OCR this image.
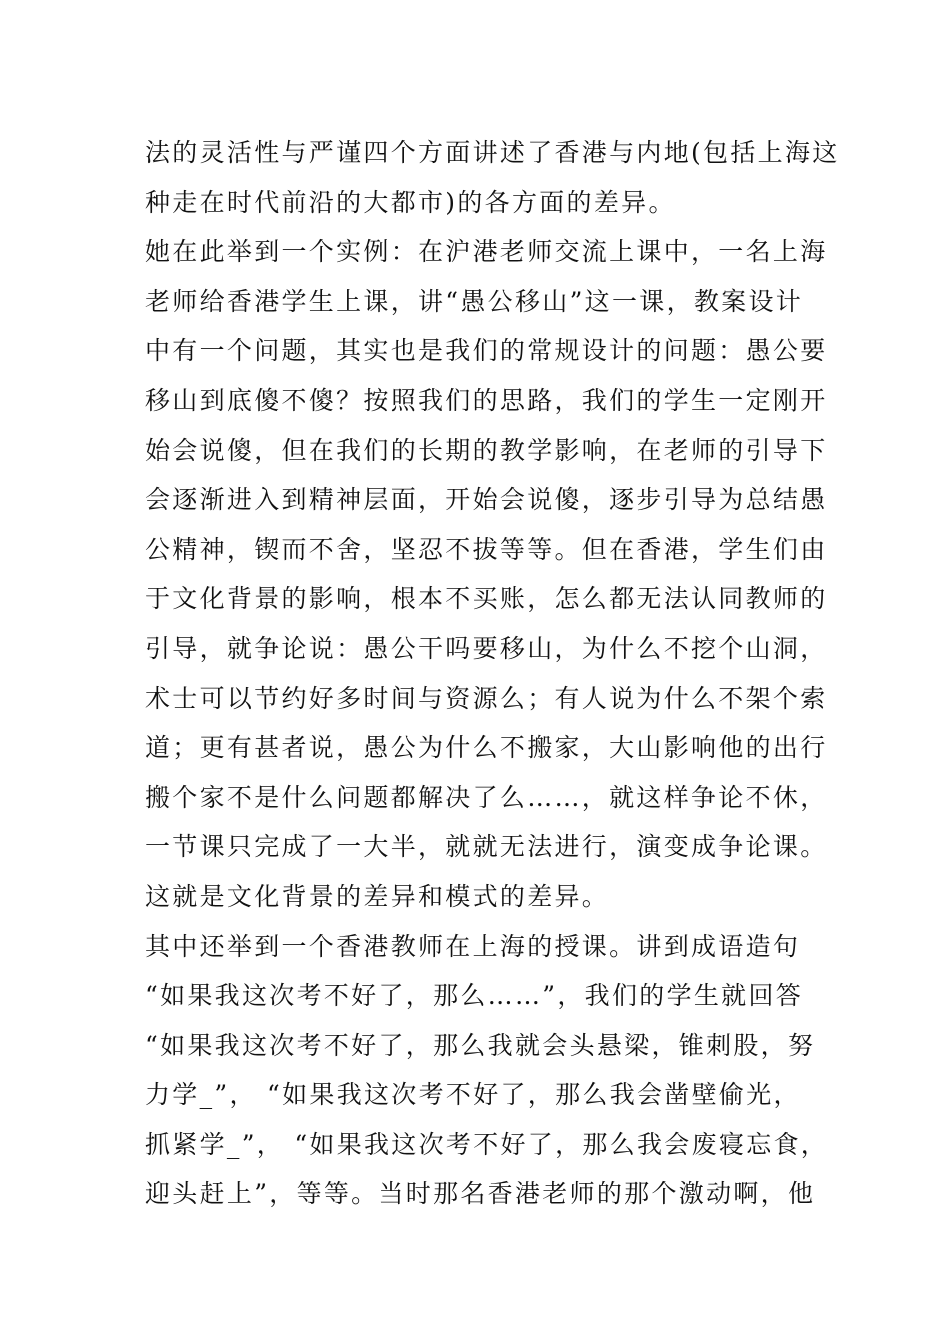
法的灵活性与严谨四个方面讲述了香港与内地(包括上海这
种走在时代前沿的大都市)的各方面的差异。
她在此举到一个实例：在沪港老师交流上课中，一名上海
老师给香港学生上课，讲“愚公移山”这一课，教案设计
中有一个问题，其实也是我们的常规设计的问题：愚公要
移山到底傻不傻？按照我们的思路，我们的学生一定刚开
始会说傻，但在我们的长期的教学影响，在老师的引导下
会逐渐进入到精神层面，开始会说傻，逐步引导为总结愚
公精神，锲而不舍，坚忍不拔等等。但在香港，学生们由
于文化背景的影响，根本不买账，怎么都无法认同教师的
引导，就争论说：愚公干吗要移山，为什么不挖个山洞，
术士可以节约好多时间与资源么；有人说为什么不架个索
道；更有甚者说，愚公为什么不搬家，大山影响他的出行
搬个家不是什么问题都解决了么……，就这样争论不休，
一节课只完成了一大半，就就无法进行，演变成争论课。
这就是文化背景的差异和模式的差异。
其中还举到一个香港教师在上海的授课。讲到成语造句
“如果我这次考不好了，那么……”，我们的学生就回答
“如果我这次考不好了，那么我就会头悬梁，锥刺股，努
力学_”， “如果我这次考不好了，那么我会凿壁偷光，
抓紧学_”， “如果我这次考不好了，那么我会废寝忘食，
迎头赶上”，等等。当时那名香港老师的那个激动啊，他
